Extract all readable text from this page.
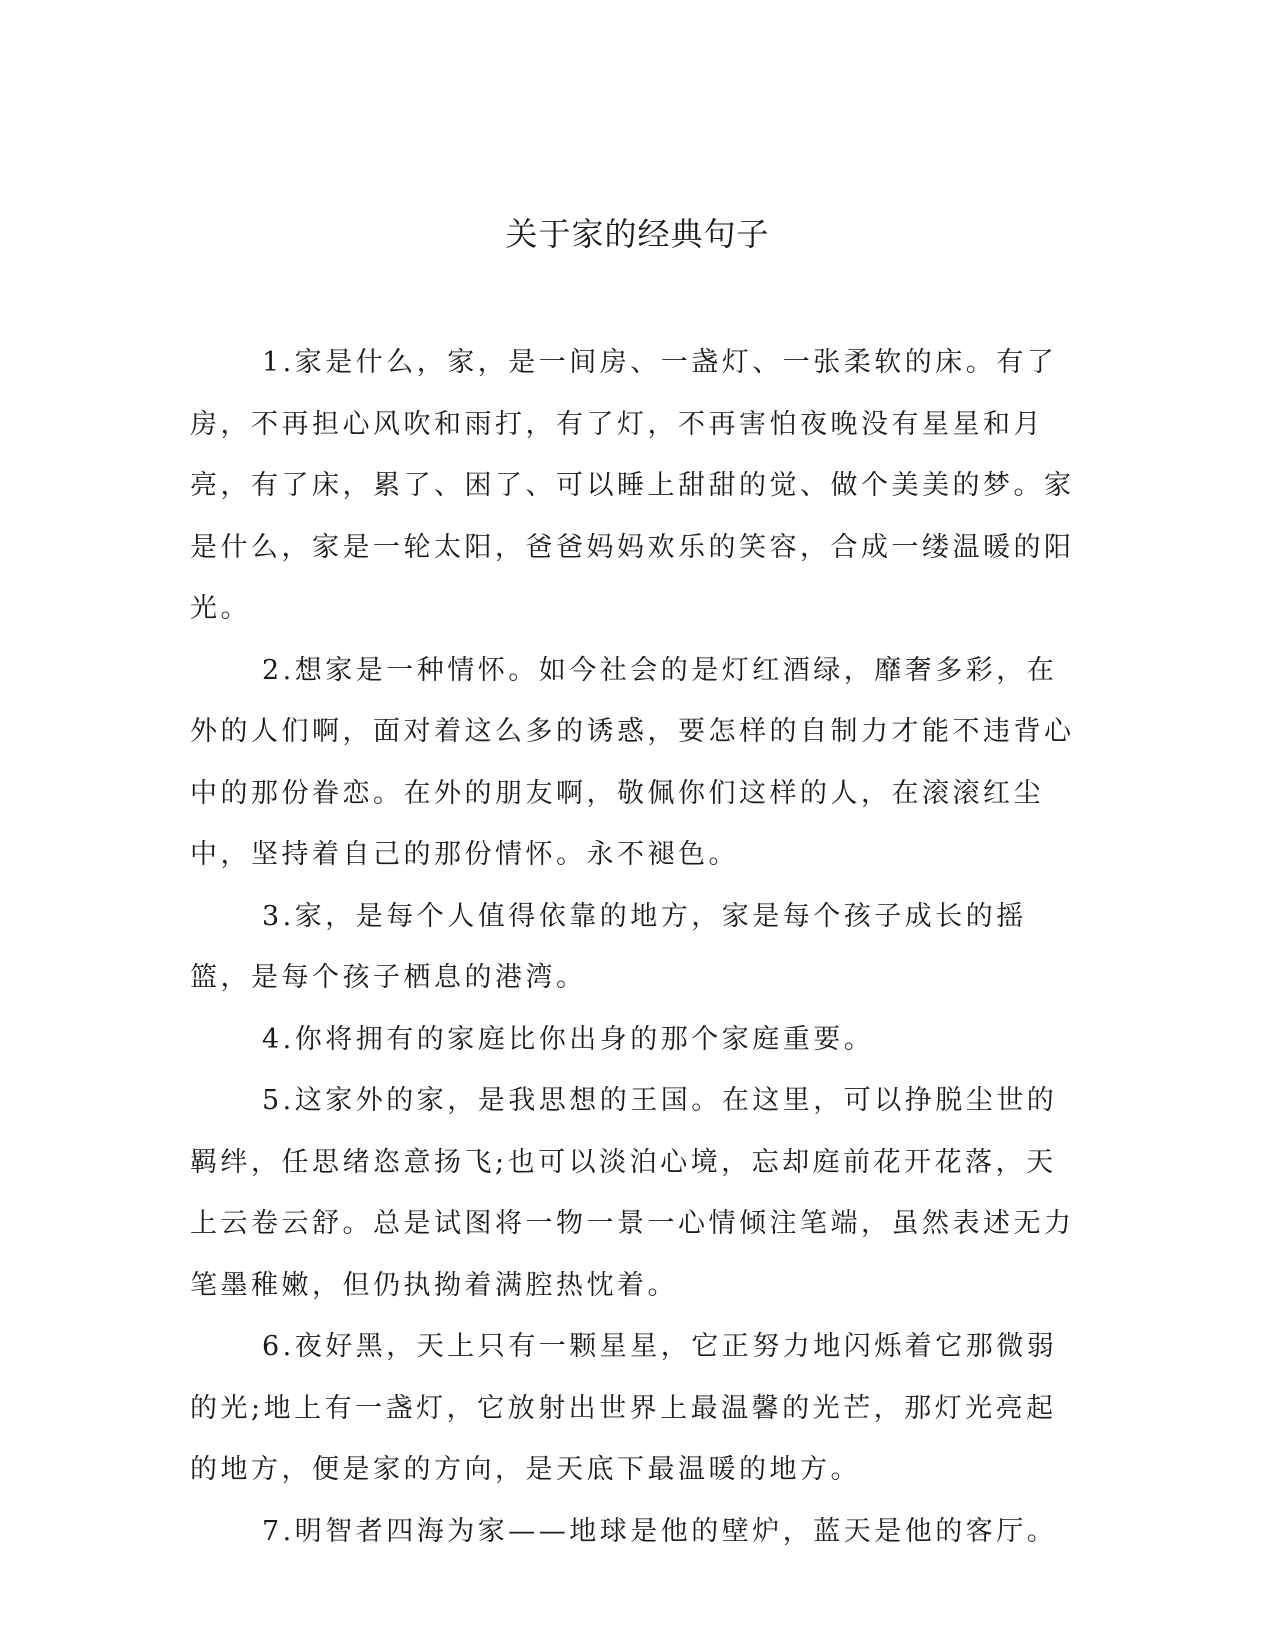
关于家的经典句子

1.家是什么，家，是一间房、一盏灯、一张柔软的床。有了房，不再担心风吹和雨打，有了灯，不再害怕夜晚没有星星和月亮，有了床，累了、困了、可以睡上甜甜的觉、做个美美的梦。家是什么，家是一轮太阳，爸爸妈妈欢乐的笑容，合成一缕温暖的阳光。

2.想家是一种情怀。如今社会的是灯红酒绿，靡奢多彩，在外的人们啊，面对着这么多的诱惑，要怎样的自制力才能不违背心中的那份眷恋。在外的朋友啊，敬佩你们这样的人，在滚滚红尘中，坚持着自己的那份情怀。永不褪色。

3.家，是每个人值得依靠的地方，家是每个孩子成长的摇篮，是每个孩子栖息的港湾。

4.你将拥有的家庭比你出身的那个家庭重要。

5.这家外的家，是我思想的王国。在这里，可以挣脱尘世的羁绊，任思绪恣意扬飞;也可以淡泊心境，忘却庭前花开花落，天上云卷云舒。总是试图将一物一景一心情倾注笔端，虽然表述无力笔墨稚嫩，但仍执拗着满腔热忱着。

6.夜好黑，天上只有一颗星星，它正努力地闪烁着它那微弱的光;地上有一盏灯，它放射出世界上最温馨的光芒，那灯光亮起的地方，便是家的方向，是天底下最温暖的地方。

7.明智者四海为家——地球是他的壁炉，蓝天是他的客厅。
